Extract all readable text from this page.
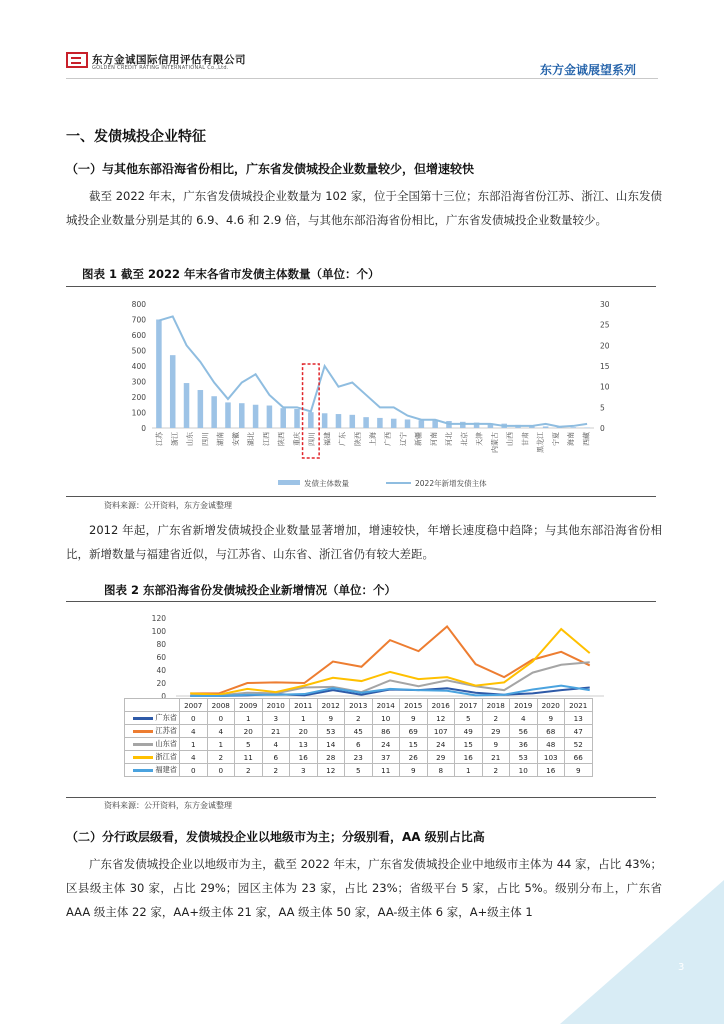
东方金诚国际信用评估有限公司
GOLDEN CREDIT RATING INTERNATIONAL Co.,Ltd.	东方金诚展望系列
一、发债城投企业特征
（一）与其他东部沿海省份相比，广东省发债城投企业数量较少，但增速较快
截至 2022 年末，广东省发债城投企业数量为 102 家，位于全国第十三位；东部沿海省份江苏、浙江、山东发债城投企业数量分别是其的 6.9、4.6 和 2.9 倍，与其他东部沿海省份相比，广东省发债城投企业数量较少。
图表 1 截至 2022 年末各省市发债主体数量（单位：个）
800
700
600
500
400
300
200
100
0
30
25
20
15
10
5
0
江苏 浙江 山东 四川 湖南 安徽 湖北 江西 陕西 重庆 四川 福建 广东 陕西 上海 广西 辽宁 新疆 河南 河北 北京 天津 内蒙古 山西 甘肃 黑龙江 宁夏 海南 西藏
发债主体数量	2022年新增发债主体
资料来源：公开资料，东方金诚整理
2012 年起，广东省新增发债城投企业数量显著增加，增速较快，年增长速度稳中趋降；与其他东部沿海省份相比，新增数量与福建省近似，与江苏省、山东省、浙江省仍有较大差距。
图表 2 东部沿海省份发债城投企业新增情况（单位：个）
120
100
80
60
40
20
0
	2007	2008	2009	2010	2011	2012	2013	2014	2015	2016	2017	2018	2019	2020	2021
广东省	0	0	1	3	1	9	2	10	9	12	5	2	4	9	13
江苏省	4	4	20	21	20	53	45	86	69	107	49	29	56	68	47
山东省	1	1	5	4	13	14	6	24	15	24	15	9	36	48	52
浙江省	4	2	11	6	16	28	23	37	26	29	16	21	53	103	66
福建省	0	0	2	2	3	12	5	11	9	8	1	2	10	16	9
资料来源：公开资料，东方金诚整理
（二）分行政层级看，发债城投企业以地级市为主；分级别看，AA 级别占比高
广东省发债城投企业以地级市为主，截至 2022 年末，广东省发债城投企业中地级市主体为 44 家，占比 43%；区县级主体 30 家，占比 29%；园区主体为 23 家，占比 23%；省级平台 5 家，占比 5%。级别分布上，广东省 AAA 级主体 22 家，AA+级主体 21 家，AA 级主体 50 家，AA-级主体 6 家，A+级主体 1
3
